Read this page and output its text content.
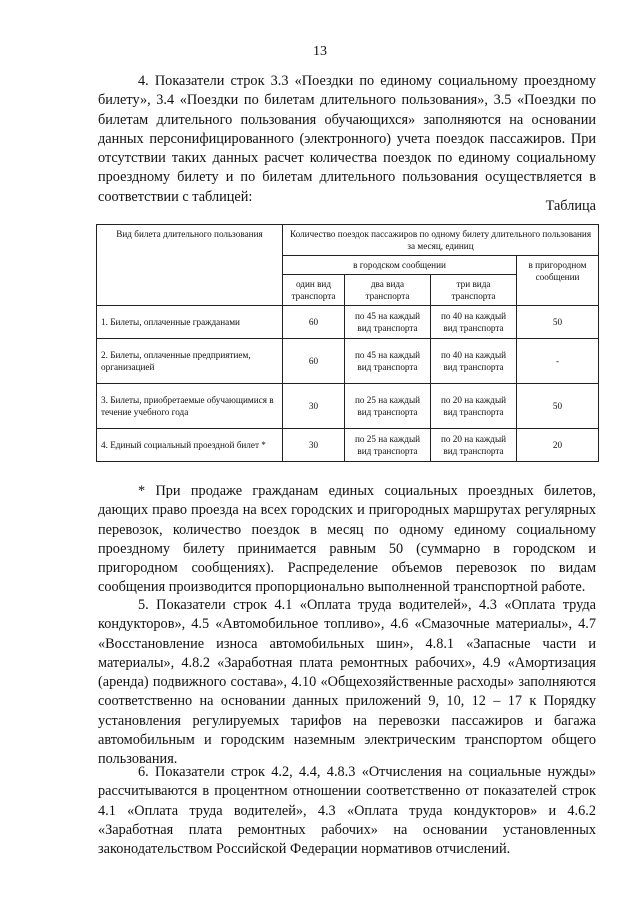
13
4. Показатели строк 3.3 «Поездки по единому социальному проездному билету», 3.4 «Поездки по билетам длительного пользования», 3.5 «Поездки по билетам длительного пользования обучающихся» заполняются на основании данных персонифицированного (электронного) учета поездок пассажиров. При отсутствии таких данных расчет количества поездок по единому социальному проездному билету и по билетам длительного пользования осуществляется в соответствии с таблицей:
Таблица
Вид билета длительного пользования	Количество поездок пассажиров по одному билету длительного пользования за месяц, единиц			
	в городском сообщении			в пригородном сообщении
	один вид транспорта	два вида транспорта	три вида транспорта	
1. Билеты, оплаченные гражданами	60	по 45 на каждый вид транспорта	по 40 на каждый вид транспорта	50
2. Билеты, оплаченные предприятием, организацией	60	по 45 на каждый вид транспорта	по 40 на каждый вид транспорта	-
3. Билеты, приобретаемые обучающимися в течение учебного года	30	по 25 на каждый вид транспорта	по 20 на каждый вид транспорта	50
4. Единый социальный проездной билет *	30	по 25 на каждый вид транспорта	по 20 на каждый вид транспорта	20
* При продаже гражданам единых социальных проездных билетов, дающих право проезда на всех городских и пригородных маршрутах регулярных перевозок, количество поездок в месяц по одному единому социальному проездному билету принимается равным 50 (суммарно в городском и пригородном сообщениях). Распределение объемов перевозок по видам сообщения производится пропорционально выполненной транспортной работе.
5. Показатели строк 4.1 «Оплата труда водителей», 4.3 «Оплата труда кондукторов», 4.5 «Автомобильное топливо», 4.6 «Смазочные материалы», 4.7 «Восстановление износа автомобильных шин», 4.8.1 «Запасные части и материалы», 4.8.2 «Заработная плата ремонтных рабочих», 4.9 «Амортизация (аренда) подвижного состава», 4.10 «Общехозяйственные расходы» заполняются соответственно на основании данных приложений 9, 10, 12 – 17 к Порядку установления регулируемых тарифов на перевозки пассажиров и багажа автомобильным и городским наземным электрическим транспортом общего пользования.
6. Показатели строк 4.2, 4.4, 4.8.3 «Отчисления на социальные нужды» рассчитываются в процентном отношении соответственно от показателей строк 4.1 «Оплата труда водителей», 4.3 «Оплата труда кондукторов» и 4.6.2 «Заработная плата ремонтных рабочих» на основании установленных законодательством Российской Федерации нормативов отчислений.
